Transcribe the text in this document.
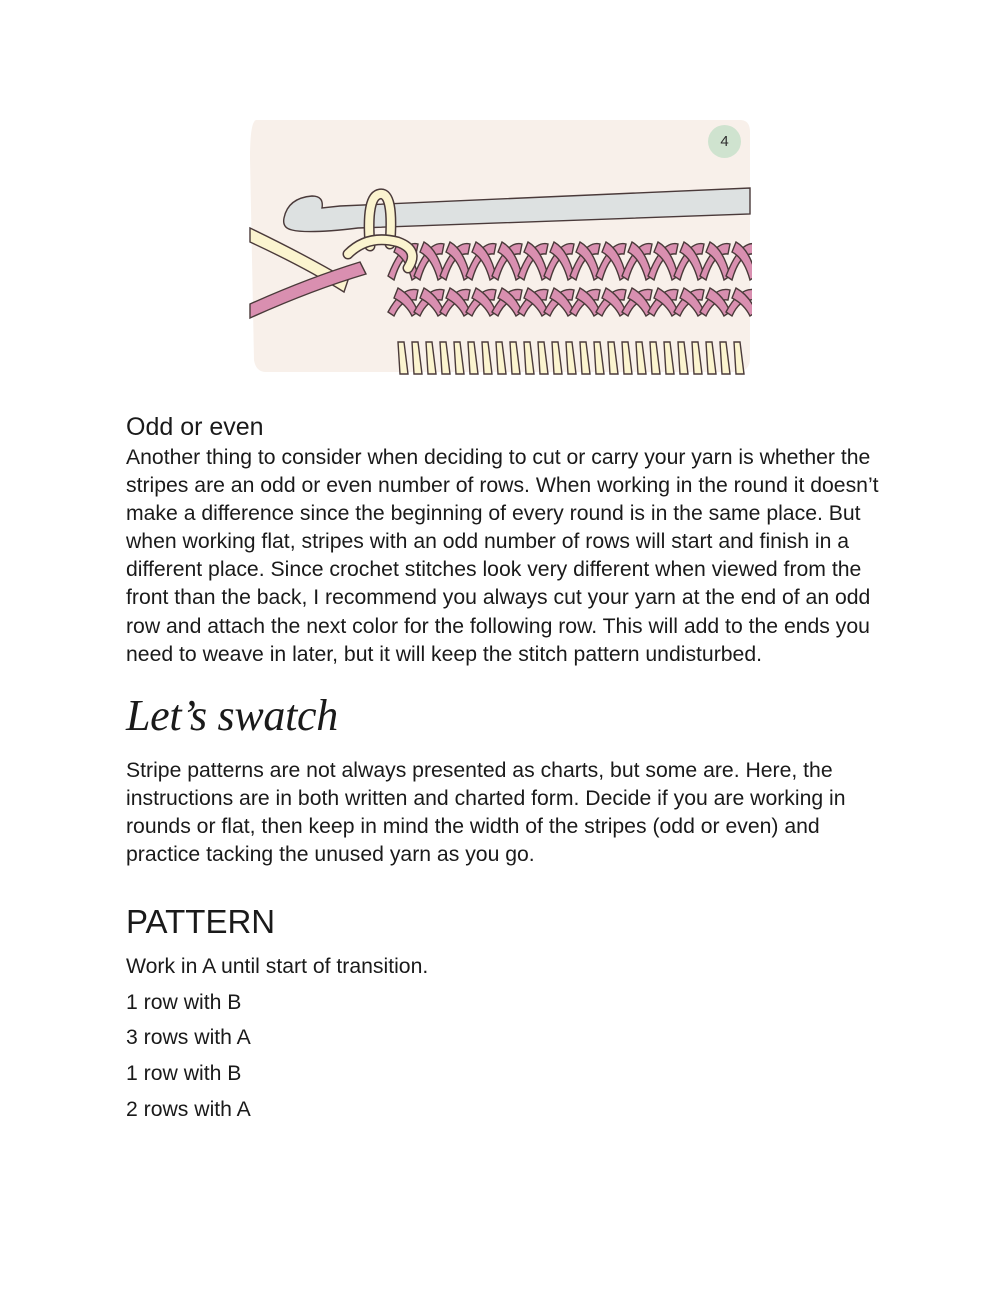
4
Odd or even

Another thing to consider when deciding to cut or carry your yarn is whether the stripes are an odd or even number of rows. When working in the round it doesn’t make a difference since the beginning of every round is in the same place. But when working flat, stripes with an odd number of rows will start and finish in a different place. Since crochet stitches look very different when viewed from the front than the back, I recommend you always cut your yarn at the end of an odd row and attach the next color for the following row. This will add to the ends you need to weave in later, but it will keep the stitch pattern undisturbed.

Let’s swatch

Stripe patterns are not always presented as charts, but some are. Here, the instructions are in both written and charted form. Decide if you are working in rounds or flat, then keep in mind the width of the stripes (odd or even) and practice tacking the unused yarn as you go.

PATTERN
Work in A until start of transition.
1 row with B
3 rows with A
1 row with B
2 rows with A
